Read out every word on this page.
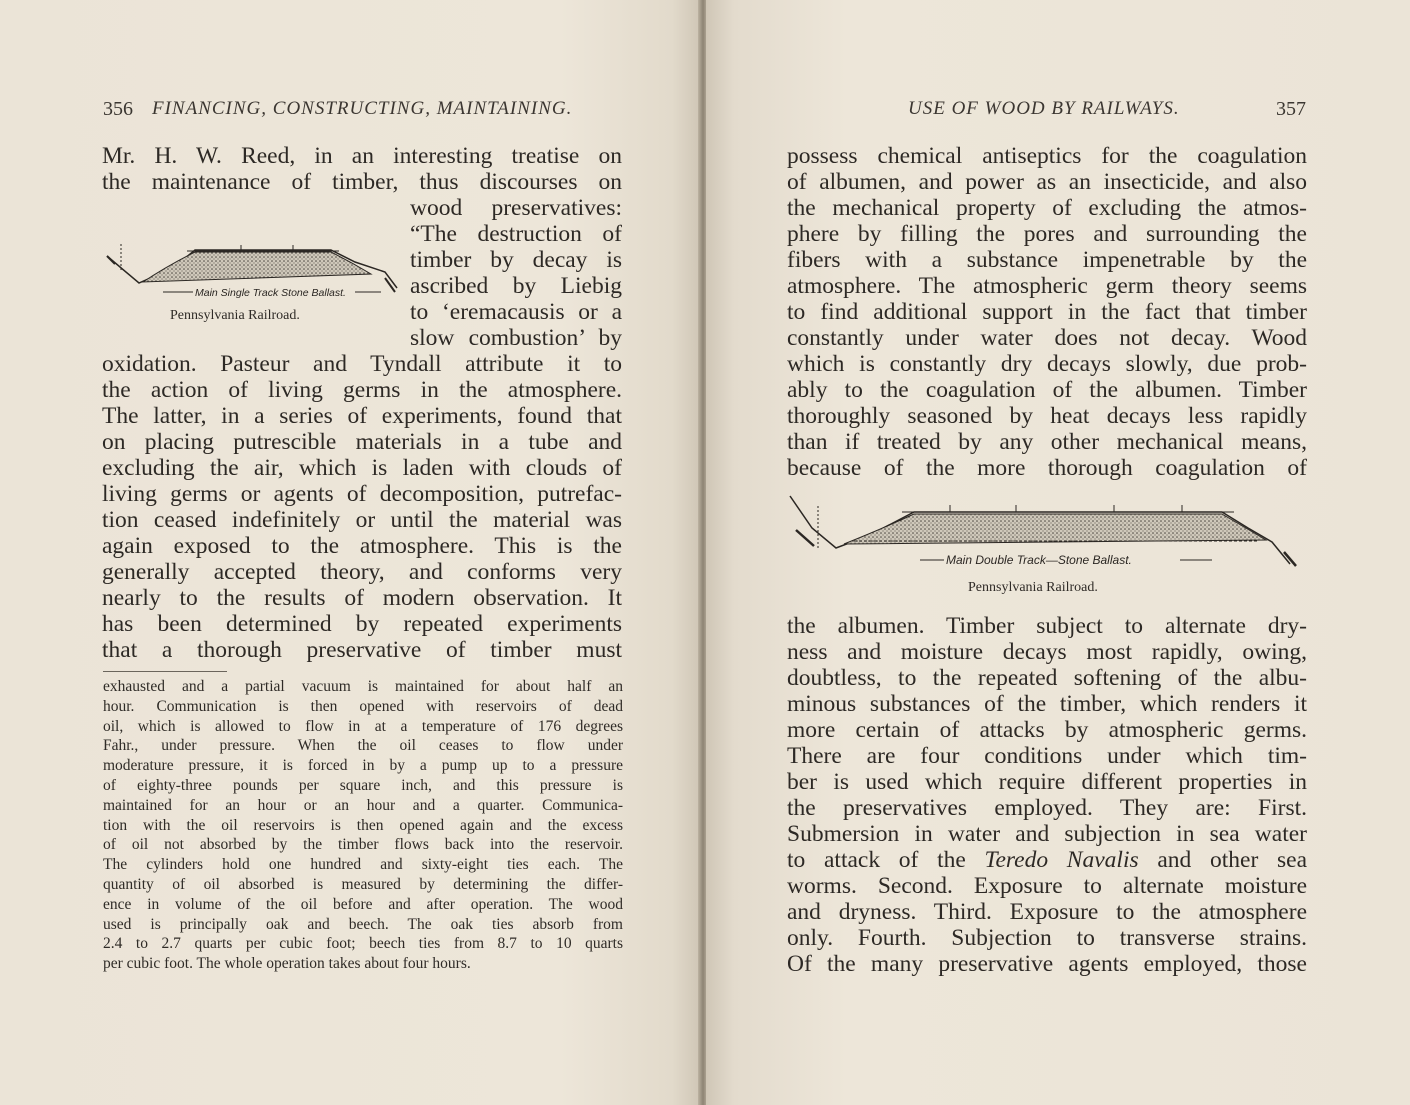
356 FINANCING, CONSTRUCTING, MAINTAINING.
Mr. H. W. Reed, in an interesting treatise on
the maintenance of timber, thus discourses on
Main Single Track Stone Ballast.
Pennsylvania Railroad.
wood preservatives:
“The destruction of
timber by decay is
ascribed by Liebig
to ‘eremacausis or a
slow combustion’ by
oxidation. Pasteur and Tyndall attribute it to
the action of living germs in the atmosphere.
The latter, in a series of experiments, found that
on placing putrescible materials in a tube and
excluding the air, which is laden with clouds of
living germs or agents of decomposition, putrefac-
tion ceased indefinitely or until the material was
again exposed to the atmosphere. This is the
generally accepted theory, and conforms very
nearly to the results of modern observation. It
has been determined by repeated experiments
that a thorough preservative of timber must
exhausted and a partial vacuum is maintained for about half an
hour. Communication is then opened with reservoirs of dead
oil, which is allowed to flow in at a temperature of 176 degrees
Fahr., under pressure. When the oil ceases to flow under
moderature pressure, it is forced in by a pump up to a pressure
of eighty-three pounds per square inch, and this pressure is
maintained for an hour or an hour and a quarter. Communica-
tion with the oil reservoirs is then opened again and the excess
of oil not absorbed by the timber flows back into the reservoir.
The cylinders hold one hundred and sixty-eight ties each. The
quantity of oil absorbed is measured by determining the differ-
ence in volume of the oil before and after operation. The wood
used is principally oak and beech. The oak ties absorb from
2.4 to 2.7 quarts per cubic foot; beech ties from 8.7 to 10 quarts
per cubic foot. The whole operation takes about four hours.
USE OF WOOD BY RAILWAYS.	357
possess chemical antiseptics for the coagulation
of albumen, and power as an insecticide, and also
the mechanical property of excluding the atmos-
phere by filling the pores and surrounding the
fibers with a substance impenetrable by the
atmosphere. The atmospheric germ theory seems
to find additional support in the fact that timber
constantly under water does not decay. Wood
which is constantly dry decays slowly, due prob-
ably to the coagulation of the albumen. Timber
thoroughly seasoned by heat decays less rapidly
than if treated by any other mechanical means,
because of the more thorough coagulation of
Main Double Track—Stone Ballast.
Pennsylvania Railroad.
the albumen. Timber subject to alternate dry-
ness and moisture decays most rapidly, owing,
doubtless, to the repeated softening of the albu-
minous substances of the timber, which renders it
more certain of attacks by atmospheric germs.
There are four conditions under which tim-
ber is used which require different properties in
the preservatives employed. They are: First.
Submersion in water and subjection in sea water
to attack of the Teredo Navalis and other sea
worms. Second. Exposure to alternate moisture
and dryness. Third. Exposure to the atmosphere
only. Fourth. Subjection to transverse strains.
Of the many preservative agents employed, those
